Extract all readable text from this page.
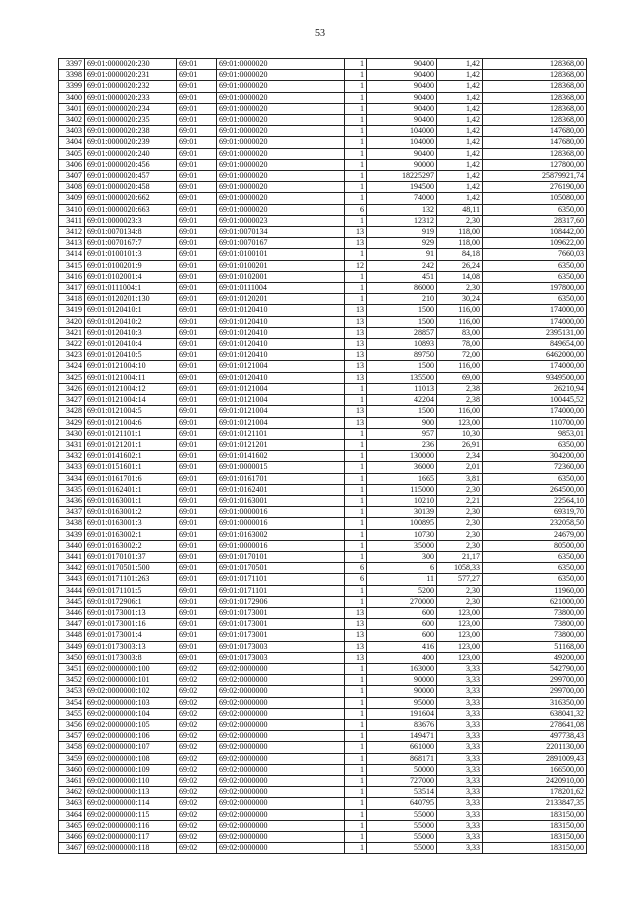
53
3397	69:01:0000020:230	69:01	69:01:0000020	1	90400	1,42	128368,00
3398	69:01:0000020:231	69:01	69:01:0000020	1	90400	1,42	128368,00
3399	69:01:0000020:232	69:01	69:01:0000020	1	90400	1,42	128368,00
3400	69:01:0000020:233	69:01	69:01:0000020	1	90400	1,42	128368,00
3401	69:01:0000020:234	69:01	69:01:0000020	1	90400	1,42	128368,00
3402	69:01:0000020:235	69:01	69:01:0000020	1	90400	1,42	128368,00
3403	69:01:0000020:238	69:01	69:01:0000020	1	104000	1,42	147680,00
3404	69:01:0000020:239	69:01	69:01:0000020	1	104000	1,42	147680,00
3405	69:01:0000020:240	69:01	69:01:0000020	1	90400	1,42	128368,00
3406	69:01:0000020:456	69:01	69:01:0000020	1	90000	1,42	127800,00
3407	69:01:0000020:457	69:01	69:01:0000020	1	18225297	1,42	25879921,74
3408	69:01:0000020:458	69:01	69:01:0000020	1	194500	1,42	276190,00
3409	69:01:0000020:662	69:01	69:01:0000020	1	74000	1,42	105080,00
3410	69:01:0000020:663	69:01	69:01:0000020	6	132	48,11	6350,00
3411	69:01:0000023:3	69:01	69:01:0000023	1	12312	2,30	28317,60
3412	69:01:0070134:8	69:01	69:01:0070134	13	919	118,00	108442,00
3413	69:01:0070167:7	69:01	69:01:0070167	13	929	118,00	109622,00
3414	69:01:0100101:3	69:01	69:01:0100101	1	91	84,18	7660,03
3415	69:01:0100201:9	69:01	69:01:0100201	12	242	26,24	6350,00
3416	69:01:0102001:4	69:01	69:01:0102001	1	451	14,08	6350,00
3417	69:01:0111004:1	69:01	69:01:0111004	1	86000	2,30	197800,00
3418	69:01:0120201:130	69:01	69:01:0120201	1	210	30,24	6350,00
3419	69:01:0120410:1	69:01	69:01:0120410	13	1500	116,00	174000,00
3420	69:01:0120410:2	69:01	69:01:0120410	13	1500	116,00	174000,00
3421	69:01:0120410:3	69:01	69:01:0120410	13	28857	83,00	2395131,00
3422	69:01:0120410:4	69:01	69:01:0120410	13	10893	78,00	849654,00
3423	69:01:0120410:5	69:01	69:01:0120410	13	89750	72,00	6462000,00
3424	69:01:0121004:10	69:01	69:01:0121004	13	1500	116,00	174000,00
3425	69:01:0121004:11	69:01	69:01:0120410	13	135500	69,00	9349500,00
3426	69:01:0121004:12	69:01	69:01:0121004	1	11013	2,38	26210,94
3427	69:01:0121004:14	69:01	69:01:0121004	1	42204	2,38	100445,52
3428	69:01:0121004:5	69:01	69:01:0121004	13	1500	116,00	174000,00
3429	69:01:0121004:6	69:01	69:01:0121004	13	900	123,00	110700,00
3430	69:01:0121101:1	69:01	69:01:0121101	1	957	10,30	9853,01
3431	69:01:0121201:1	69:01	69:01:0121201	1	236	26,91	6350,00
3432	69:01:0141602:1	69:01	69:01:0141602	1	130000	2,34	304200,00
3433	69:01:0151601:1	69:01	69:01:0000015	1	36000	2,01	72360,00
3434	69:01:0161701:6	69:01	69:01:0161701	1	1665	3,81	6350,00
3435	69:01:0162401:1	69:01	69:01:0162401	1	115000	2,30	264500,00
3436	69:01:0163001:1	69:01	69:01:0163001	1	10210	2,21	22564,10
3437	69:01:0163001:2	69:01	69:01:0000016	1	30139	2,30	69319,70
3438	69:01:0163001:3	69:01	69:01:0000016	1	100895	2,30	232058,50
3439	69:01:0163002:1	69:01	69:01:0163002	1	10730	2,30	24679,00
3440	69:01:0163002:2	69:01	69:01:0000016	1	35000	2,30	80500,00
3441	69:01:0170101:37	69:01	69:01:0170101	1	300	21,17	6350,00
3442	69:01:0170501:500	69:01	69:01:0170501	6	6	1058,33	6350,00
3443	69:01:0171101:263	69:01	69:01:0171101	6	11	577,27	6350,00
3444	69:01:0171101:5	69:01	69:01:0171101	1	5200	2,30	11960,00
3445	69:01:0172906:1	69:01	69:01:0172906	1	270000	2,30	621000,00
3446	69:01:0173001:13	69:01	69:01:0173001	13	600	123,00	73800,00
3447	69:01:0173001:16	69:01	69:01:0173001	13	600	123,00	73800,00
3448	69:01:0173001:4	69:01	69:01:0173001	13	600	123,00	73800,00
3449	69:01:0173003:13	69:01	69:01:0173003	13	416	123,00	51168,00
3450	69:01:0173003:8	69:01	69:01:0173003	13	400	123,00	49200,00
3451	69:02:0000000:100	69:02	69:02:0000000	1	163000	3,33	542790,00
3452	69:02:0000000:101	69:02	69:02:0000000	1	90000	3,33	299700,00
3453	69:02:0000000:102	69:02	69:02:0000000	1	90000	3,33	299700,00
3454	69:02:0000000:103	69:02	69:02:0000000	1	95000	3,33	316350,00
3455	69:02:0000000:104	69:02	69:02:0000000	1	191604	3,33	638041,32
3456	69:02:0000000:105	69:02	69:02:0000000	1	83676	3,33	278641,08
3457	69:02:0000000:106	69:02	69:02:0000000	1	149471	3,33	497738,43
3458	69:02:0000000:107	69:02	69:02:0000000	1	661000	3,33	2201130,00
3459	69:02:0000000:108	69:02	69:02:0000000	1	868171	3,33	2891009,43
3460	69:02:0000000:109	69:02	69:02:0000000	1	50000	3,33	166500,00
3461	69:02:0000000:110	69:02	69:02:0000000	1	727000	3,33	2420910,00
3462	69:02:0000000:113	69:02	69:02:0000000	1	53514	3,33	178201,62
3463	69:02:0000000:114	69:02	69:02:0000000	1	640795	3,33	2133847,35
3464	69:02:0000000:115	69:02	69:02:0000000	1	55000	3,33	183150,00
3465	69:02:0000000:116	69:02	69:02:0000000	1	55000	3,33	183150,00
3466	69:02:0000000:117	69:02	69:02:0000000	1	55000	3,33	183150,00
3467	69:02:0000000:118	69:02	69:02:0000000	1	55000	3,33	183150,00
